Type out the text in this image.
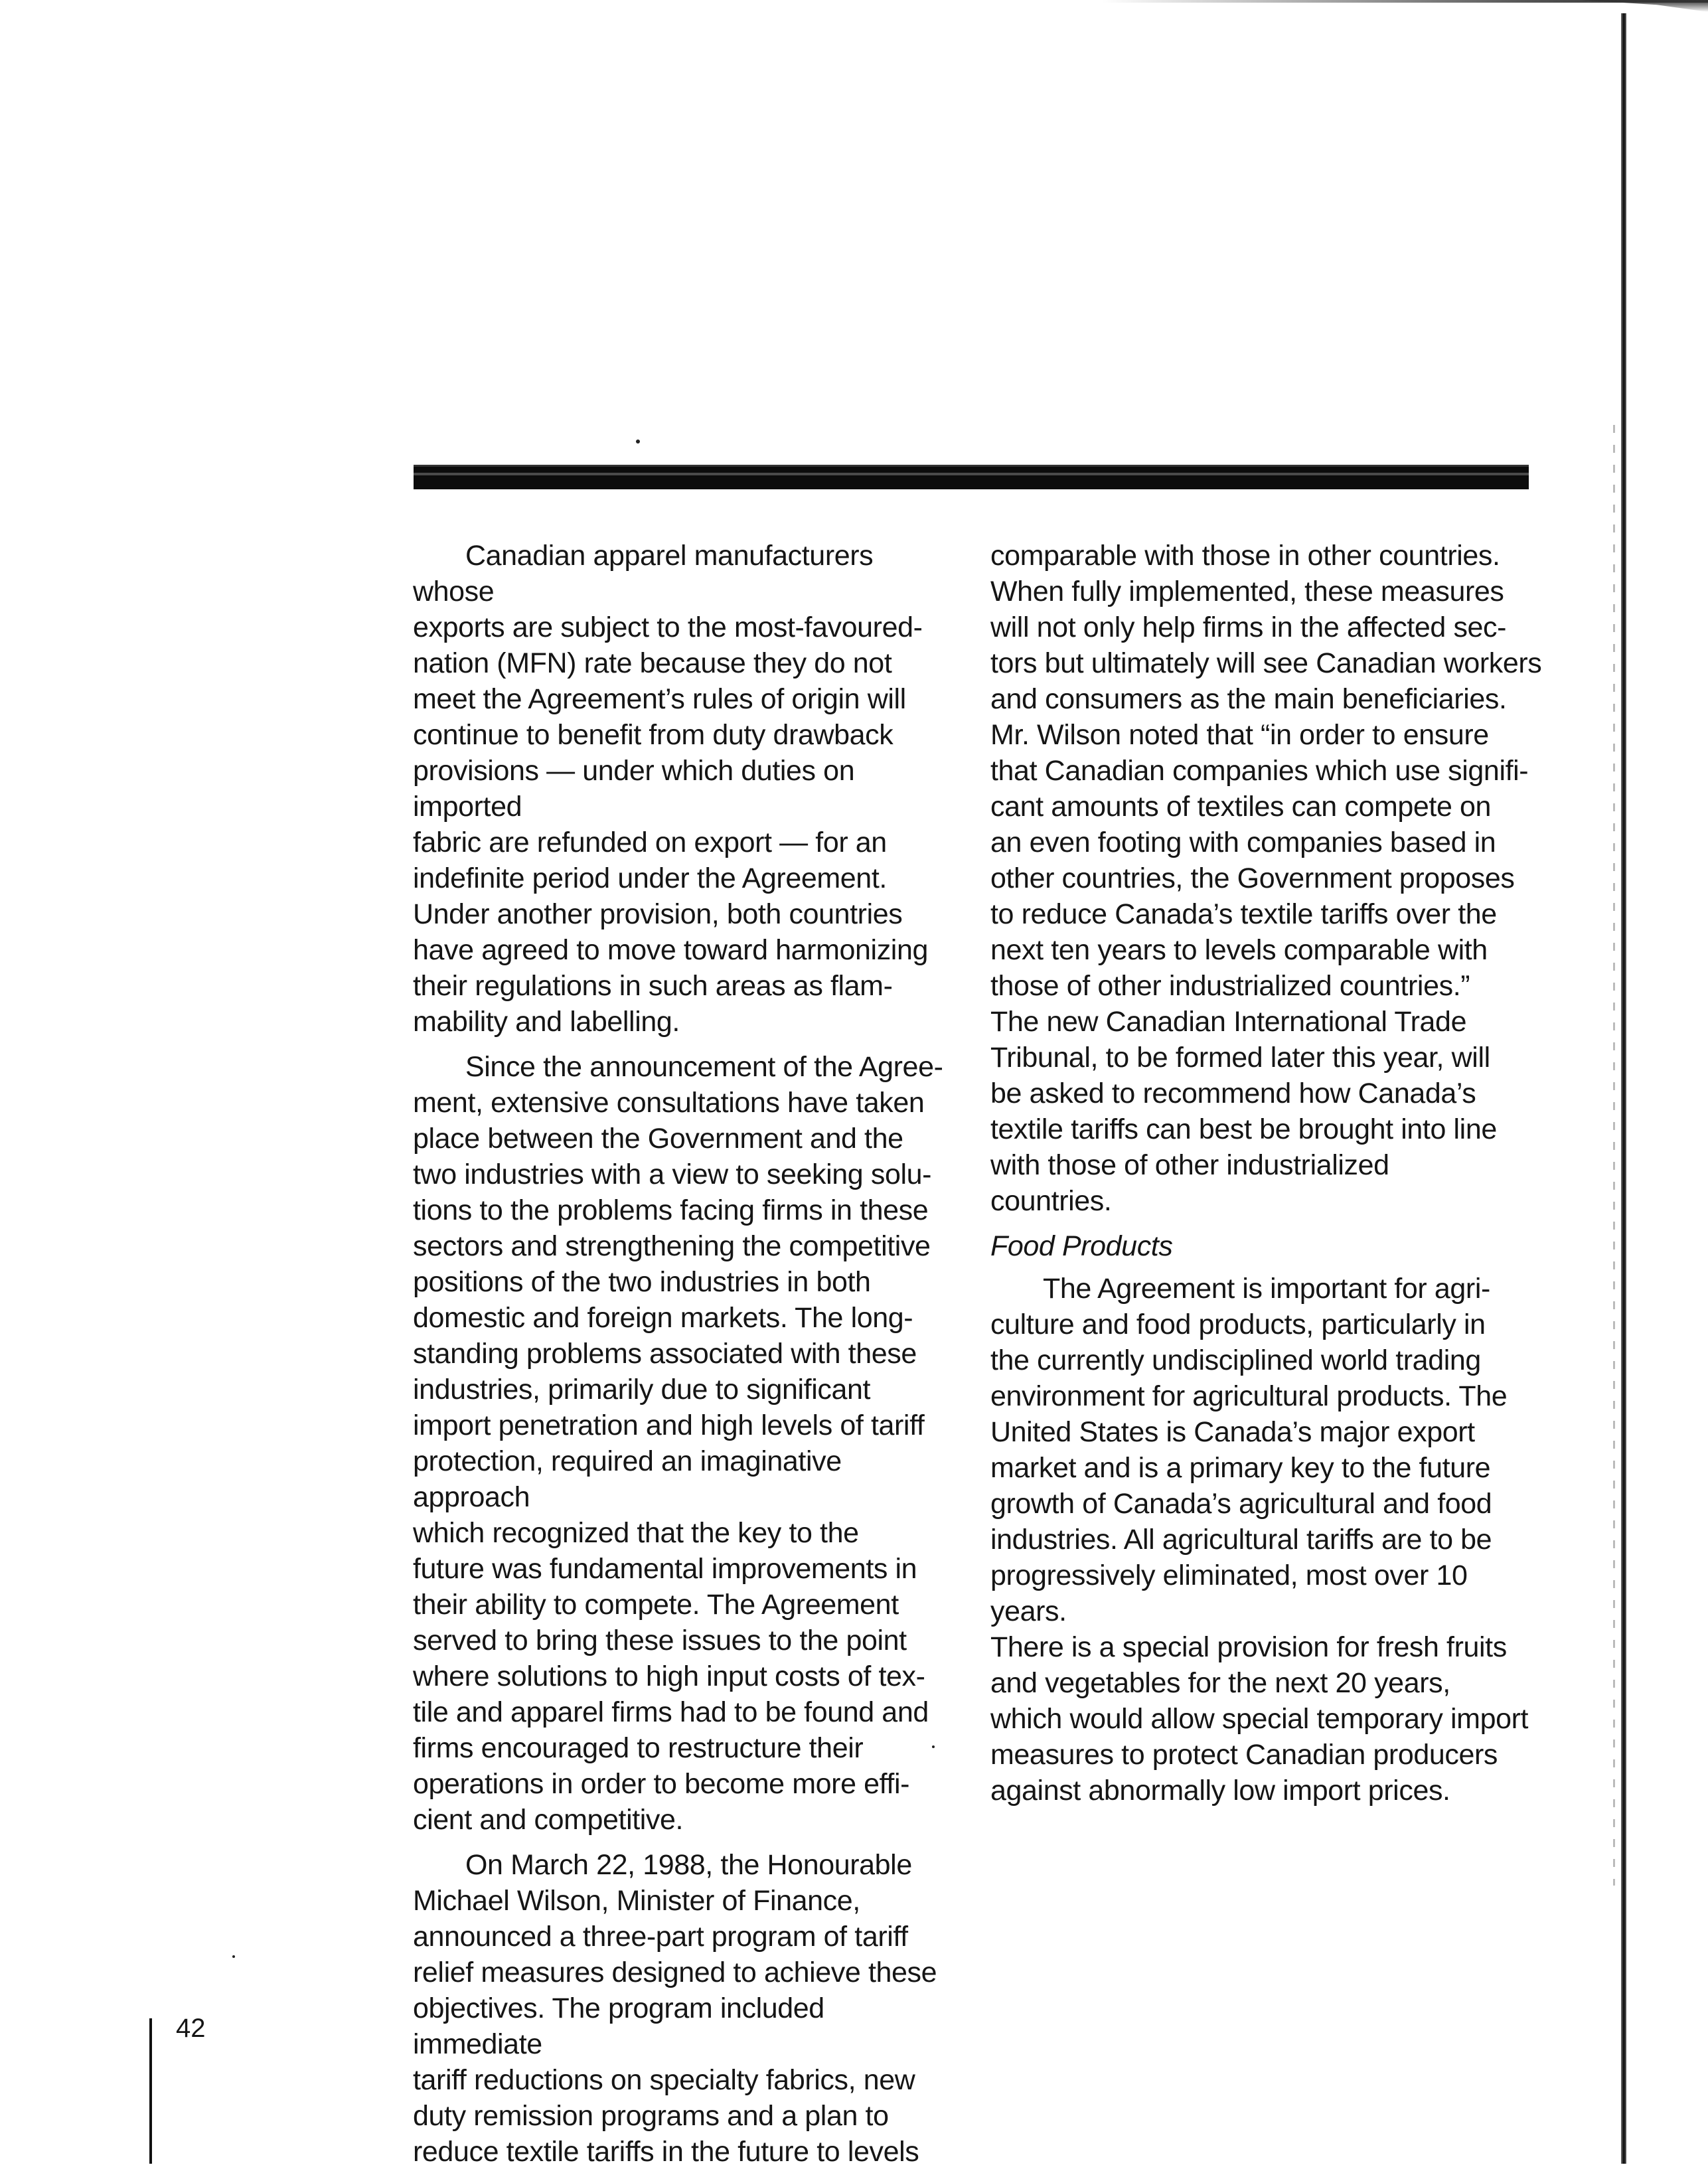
Canadian apparel manufacturers whose
exports are subject to the most-favoured-
nation (MFN) rate because they do not
meet the Agreement’s rules of origin will
continue to benefit from duty drawback
provisions — under which duties on imported
fabric are refunded on export — for an
indefinite period under the Agreement.
Under another provision, both countries
have agreed to move toward harmonizing
their regulations in such areas as flam-
mability and labelling.

Since the announcement of the Agree-
ment, extensive consultations have taken
place between the Government and the
two industries with a view to seeking solu-
tions to the problems facing firms in these
sectors and strengthening the competitive
positions of the two industries in both
domestic and foreign markets. The long-
standing problems associated with these
industries, primarily due to significant
import penetration and high levels of tariff
protection, required an imaginative approach
which recognized that the key to the
future was fundamental improvements in
their ability to compete. The Agreement
served to bring these issues to the point
where solutions to high input costs of tex-
tile and apparel firms had to be found and
firms encouraged to restructure their
operations in order to become more effi-
cient and competitive.

On March 22, 1988, the Honourable
Michael Wilson, Minister of Finance,
announced a three-part program of tariff
relief measures designed to achieve these
objectives. The program included immediate
tariff reductions on specialty fabrics, new
duty remission programs and a plan to
reduce textile tariffs in the future to levels

comparable with those in other countries.
When fully implemented, these measures
will not only help firms in the affected sec-
tors but ultimately will see Canadian workers
and consumers as the main beneficiaries.
Mr. Wilson noted that “in order to ensure
that Canadian companies which use signifi-
cant amounts of textiles can compete on
an even footing with companies based in
other countries, the Government proposes
to reduce Canada’s textile tariffs over the
next ten years to levels comparable with
those of other industrialized countries.”
The new Canadian International Trade
Tribunal, to be formed later this year, will
be asked to recommend how Canada’s
textile tariffs can best be brought into line
with those of other industrialized
countries.

Food Products

The Agreement is important for agri-
culture and food products, particularly in
the currently undisciplined world trading
environment for agricultural products. The
United States is Canada’s major export
market and is a primary key to the future
growth of Canada’s agricultural and food
industries. All agricultural tariffs are to be
progressively eliminated, most over 10 years.
There is a special provision for fresh fruits
and vegetables for the next 20 years,
which would allow special temporary import
measures to protect Canadian producers
against abnormally low import prices.

42
